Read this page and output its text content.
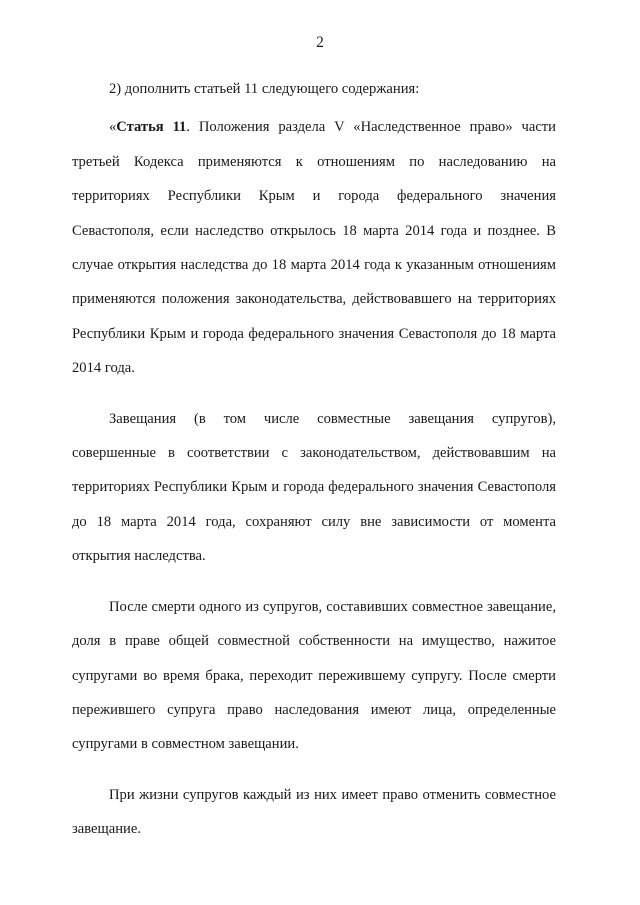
2

2) дополнить статьей 11 следующего содержания:

«Статья 11. Положения раздела V «Наследственное право» части третьей Кодекса применяются к отношениям по наследованию на территориях Республики Крым и города федерального значения Севастополя, если наследство открылось 18 марта 2014 года и позднее. В случае открытия наследства до 18 марта 2014 года к указанным отношениям применяются положения законодательства, действовавшего на территориях Республики Крым и города федерального значения Севастополя до 18 марта 2014 года.

Завещания (в том числе совместные завещания супругов), совершенные в соответствии с законодательством, действовавшим на территориях Республики Крым и города федерального значения Севастополя до 18 марта 2014 года, сохраняют силу вне зависимости от момента открытия наследства.

После смерти одного из супругов, составивших совместное завещание, доля в праве общей совместной собственности на имущество, нажитое супругами во время брака, переходит пережившему супругу. После смерти пережившего супруга право наследования имеют лица, определенные супругами в совместном завещании.

При жизни супругов каждый из них имеет право отменить совместное завещание.
